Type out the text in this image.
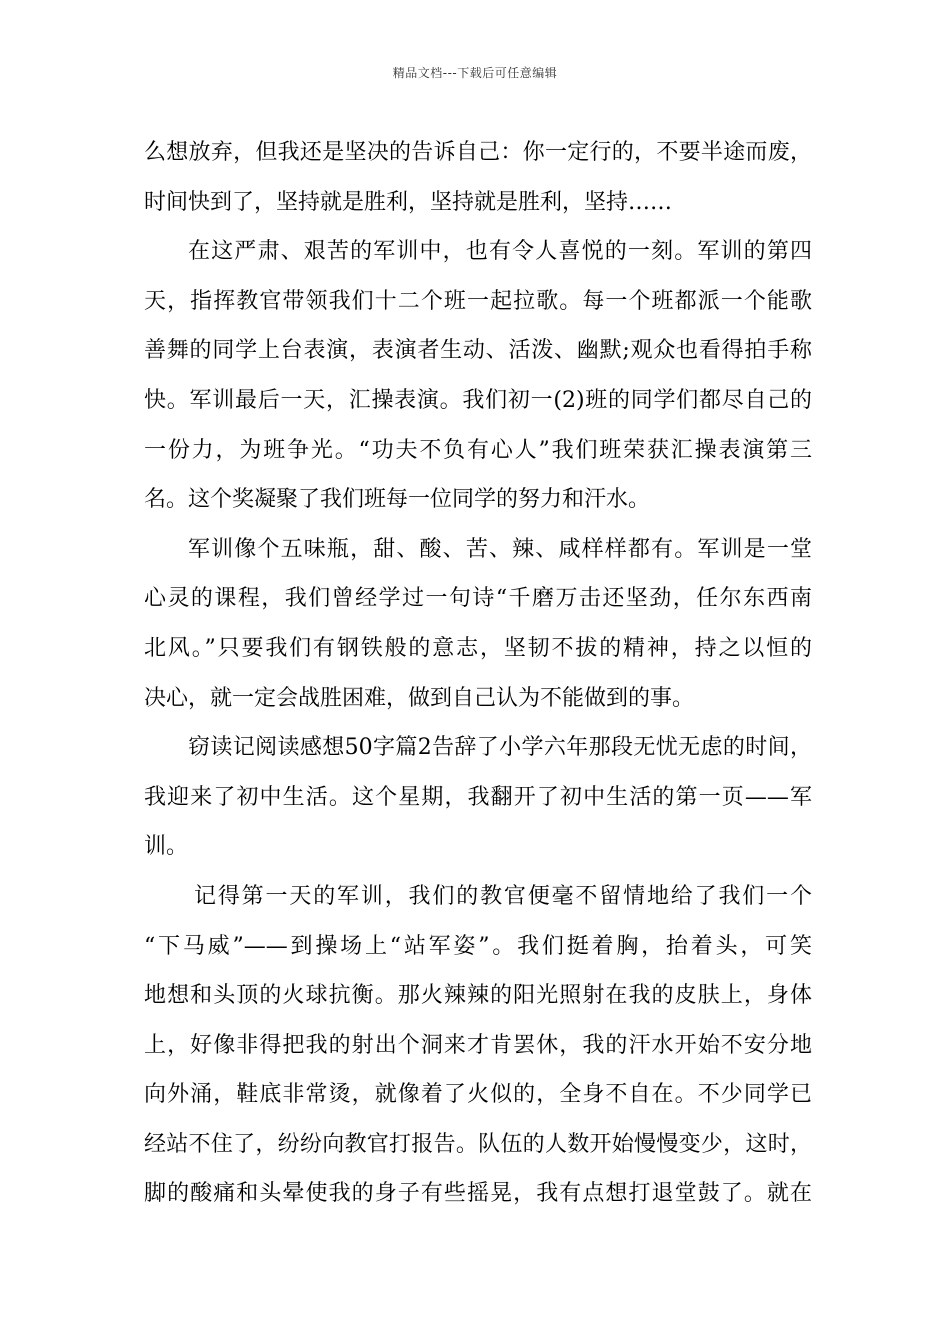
精品文档---下载后可任意编辑
么想放弃，但我还是坚决的告诉自己：你一定行的，不要半途而废，
时间快到了，坚持就是胜利，坚持就是胜利，坚持……
在这严肃、艰苦的军训中，也有令人喜悦的一刻。军训的第四
天，指挥教官带领我们十二个班一起拉歌。每一个班都派一个能歌
善舞的同学上台表演，表演者生动、活泼、幽默;观众也看得拍手称
快。军训最后一天，汇操表演。我们初一(2)班的同学们都尽自己的
一份力，为班争光。“功夫不负有心人”我们班荣获汇操表演第三
名。这个奖凝聚了我们班每一位同学的努力和汗水。
军训像个五味瓶，甜、酸、苦、辣、咸样样都有。军训是一堂
心灵的课程，我们曾经学过一句诗“千磨万击还坚劲，任尔东西南
北风。”只要我们有钢铁般的意志，坚韧不拔的精神，持之以恒的
决心，就一定会战胜困难，做到自己认为不能做到的事。
窃读记阅读感想50字篇2告辞了小学六年那段无忧无虑的时间，
我迎来了初中生活。这个星期，我翻开了初中生活的第一页——军
训。
记得第一天的军训，我们的教官便毫不留情地给了我们一个
“下马威”——到操场上“站军姿”。我们挺着胸，抬着头，可笑
地想和头顶的火球抗衡。那火辣辣的阳光照射在我的皮肤上，身体
上，好像非得把我的射出个洞来才肯罢休，我的汗水开始不安分地
向外涌，鞋底非常烫，就像着了火似的，全身不自在。不少同学已
经站不住了，纷纷向教官打报告。队伍的人数开始慢慢变少，这时，
脚的酸痛和头晕使我的身子有些摇晃，我有点想打退堂鼓了。就在
